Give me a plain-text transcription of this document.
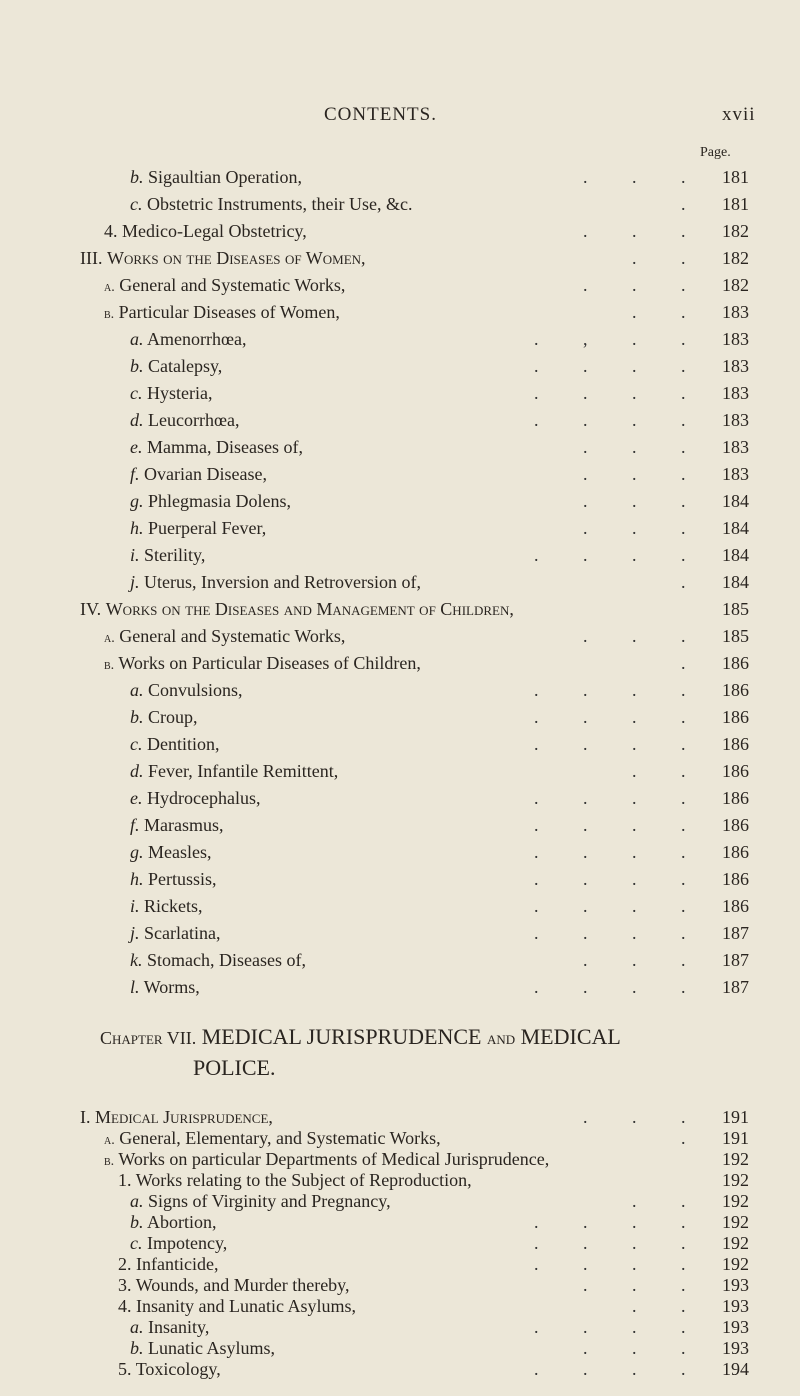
CONTENTS.	xvii
Page.
b. Sigaultian Operation,	. . . 181
c. Obstetric Instruments, their Use, &c.	. 181
4. Medico-Legal Obstetricy,	. . . 182
III. Works on the Diseases of Women,	. . 182
a. General and Systematic Works,	. . . 182
b. Particular Diseases of Women,	. . 183
a. Amenorrhœa,	. , . . 183
b. Catalepsy,	. . . . 183
c. Hysteria,	. . . . 183
d. Leucorrhœa,	. . . . 183
e. Mamma, Diseases of,	. . . 183
f. Ovarian Disease,	. . . 183
g. Phlegmasia Dolens,	. . . 184
h. Puerperal Fever,	. . . 184
i. Sterility,	. . . . 184
j. Uterus, Inversion and Retroversion of,	. 184
IV. Works on the Diseases and Management of Children,	185
a. General and Systematic Works,	. . . 185
b. Works on Particular Diseases of Children,	. 186
a. Convulsions,	. . . . 186
b. Croup,	. . . . 186
c. Dentition,	. . . . 186
d. Fever, Infantile Remittent,	. . 186
e. Hydrocephalus,	. . . . 186
f. Marasmus,	. . . . 186
g. Measles,	. . . . 186
h. Pertussis,	. . . . 186
i. Rickets,	. . . . 186
j. Scarlatina,	. . . . 187
k. Stomach, Diseases of,	. . . 187
l. Worms,	. . . . 187
Chapter VII. MEDICAL JURISPRUDENCE and MEDICAL
POLICE.
I. Medical Jurisprudence,	. . . 191
a. General, Elementary, and Systematic Works,	. 191
b. Works on particular Departments of Medical Jurisprudence,	192
1. Works relating to the Subject of Reproduction,	192
a. Signs of Virginity and Pregnancy,	. . 192
b. Abortion,	. . . . 192
c. Impotency,	. . . . 192
2. Infanticide,	. . . . 192
3. Wounds, and Murder thereby,	. . . 193
4. Insanity and Lunatic Asylums,	. . 193
a. Insanity,	. . . . 193
b. Lunatic Asylums,	. . . 193
5. Toxicology,	. . . . 194
